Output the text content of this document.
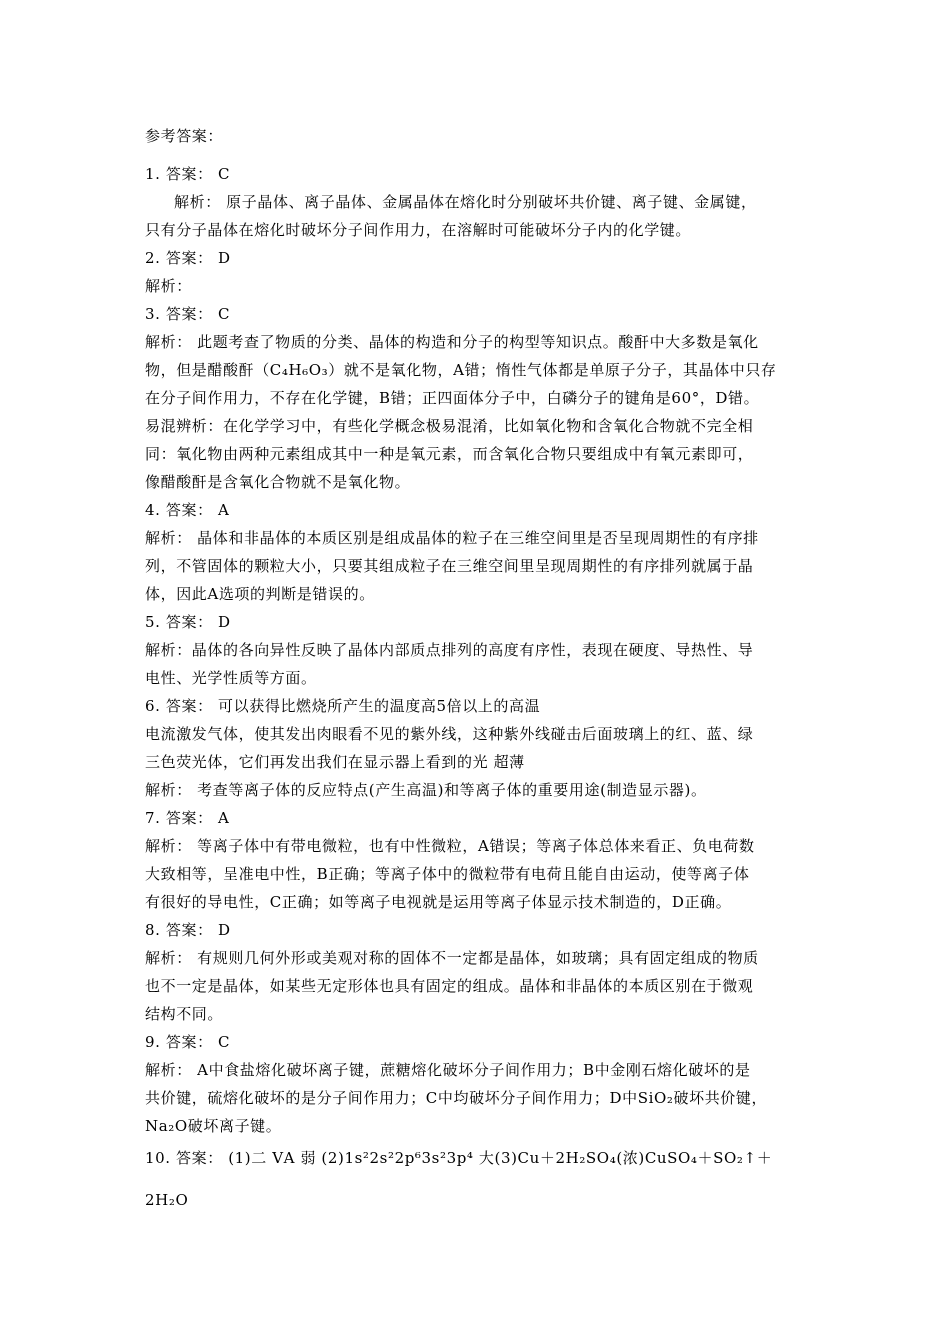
参考答案：
1. 答案： C
解析： 原子晶体、离子晶体、金属晶体在熔化时分别破坏共价键、离子键、金属键，
只有分子晶体在熔化时破坏分子间作用力，在溶解时可能破坏分子内的化学键。
2. 答案： D
解析：
3. 答案： C
解析： 此题考查了物质的分类、晶体的构造和分子的构型等知识点。酸酐中大多数是氧化
物，但是醋酸酐（C₄H₆O₃）就不是氧化物，A错；惰性气体都是单原子分子，其晶体中只存
在分子间作用力，不存在化学键，B错；正四面体分子中，白磷分子的键角是60°，D错。
易混辨析：在化学学习中，有些化学概念极易混淆，比如氧化物和含氧化合物就不完全相
同：氧化物由两种元素组成其中一种是氧元素，而含氧化合物只要组成中有氧元素即可，
像醋酸酐是含氧化合物就不是氧化物。
4. 答案： A
解析： 晶体和非晶体的本质区别是组成晶体的粒子在三维空间里是否呈现周期性的有序排
列，不管固体的颗粒大小，只要其组成粒子在三维空间里呈现周期性的有序排列就属于晶
体，因此A选项的判断是错误的。
5. 答案： D
解析：晶体的各向异性反映了晶体内部质点排列的高度有序性，表现在硬度、导热性、导
电性、光学性质等方面。
6. 答案： 可以获得比燃烧所产生的温度高5倍以上的高温
电流激发气体，使其发出肉眼看不见的紫外线，这种紫外线碰击后面玻璃上的红、蓝、绿
三色荧光体，它们再发出我们在显示器上看到的光 超薄
解析： 考查等离子体的反应特点(产生高温)和等离子体的重要用途(制造显示器)。
7. 答案： A
解析： 等离子体中有带电微粒，也有中性微粒，A错误；等离子体总体来看正、负电荷数
大致相等，呈准电中性，B正确；等离子体中的微粒带有电荷且能自由运动，使等离子体
有很好的导电性，C正确；如等离子电视就是运用等离子体显示技术制造的，D正确。
8. 答案： D
解析： 有规则几何外形或美观对称的固体不一定都是晶体，如玻璃；具有固定组成的物质
也不一定是晶体，如某些无定形体也具有固定的组成。晶体和非晶体的本质区别在于微观
结构不同。
9. 答案： C
解析： A中食盐熔化破坏离子键，蔗糖熔化破坏分子间作用力；B中金刚石熔化破坏的是
共价键，硫熔化破坏的是分子间作用力；C中均破坏分子间作用力；D中SiO₂破坏共价键，
Na₂O破坏离子键。
10. 答案： (1)二 ⅤA 弱 (2)1s²2s²2p⁶3s²3p⁴ 大(3)Cu＋2H₂SO₄(浓)CuSO₄＋SO₂↑＋
2H₂O
